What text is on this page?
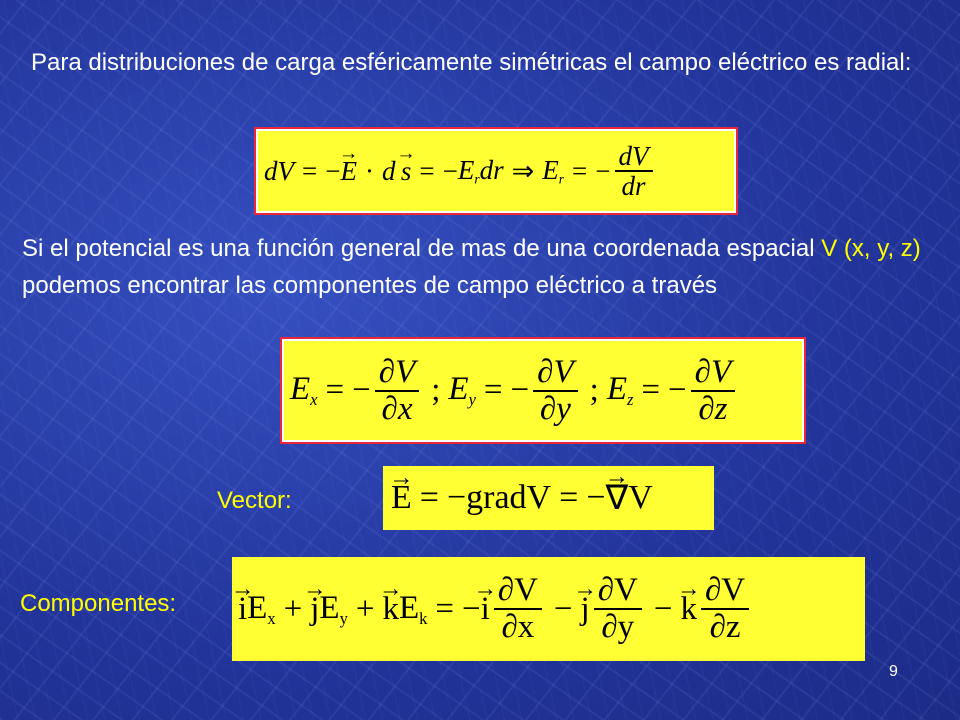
Para distribuciones de carga esféricamente simétricas el campo eléctrico es radial:
dV = − → E · d
  → s = − $E_rdr$ ⇒ $E_r$ = − $\frac{dV}{dr}$
Si el potencial es una función general de mas de una coordenada espacial V (x, y, z) podemos encontrar las componentes de campo eléctrico a través
$E_x$ = − $\frac{\partial V}{\partial x}$ ; $E_y$ = − $\frac{\partial V}{\partial y}$ ; $E_z$ = − $\frac{\partial V}{\partial z}$
Vector:	→ E = −gradV = − → ∇ V
Componentes: → i $E_x$ + → j $E_y$ + → k $E_k$ = − → i $\frac{\partial V}{\partial x}$ − → j $\frac{\partial V}{\partial y}$ − → k $\frac{\partial V}{\partial z}$
9
